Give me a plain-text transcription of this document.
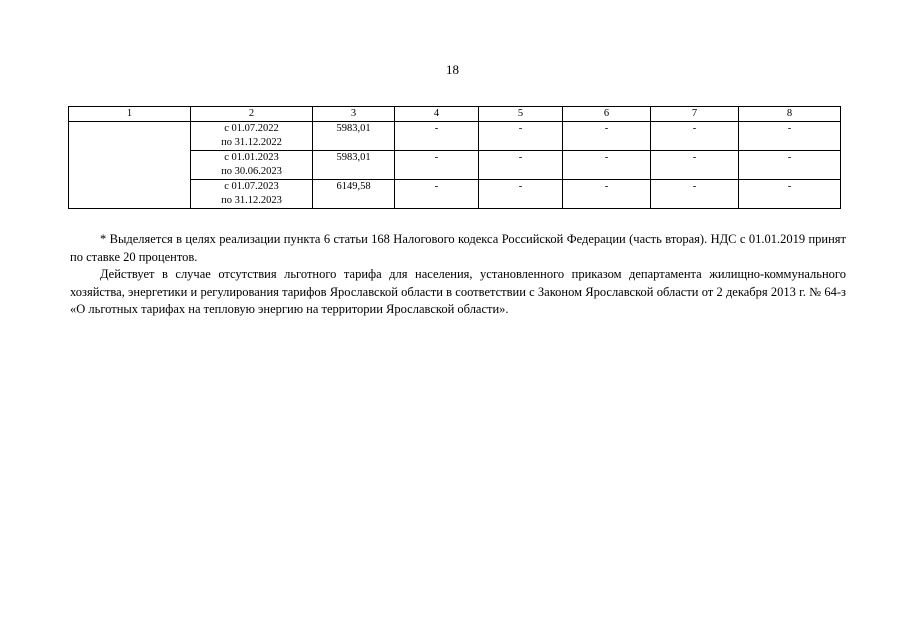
18
1	2	3	4	5	6	7	8

	с 01.07.2022
по 31.12.2022	5983,01	-	-	-	-	-

	с 01.01.2023
по 30.06.2023	5983,01	-	-	-	-	-

	с 01.07.2023
по 31.12.2023	6149,58	-	-	-	-	-

* Выделяется в целях реализации пункта 6 статьи 168 Налогового кодекса Российской Федерации (часть вторая). НДС с 01.01.2019 принят по ставке 20 процентов.

Действует в случае отсутствия льготного тарифа для населения, установленного приказом департамента жилищно-коммунального хозяйства, энергетики и регулирования тарифов Ярославской области в соответствии с Законом Ярославской области от 2 декабря 2013 г. № 64-з «О льготных тарифах на тепловую энергию на территории Ярославской области».
